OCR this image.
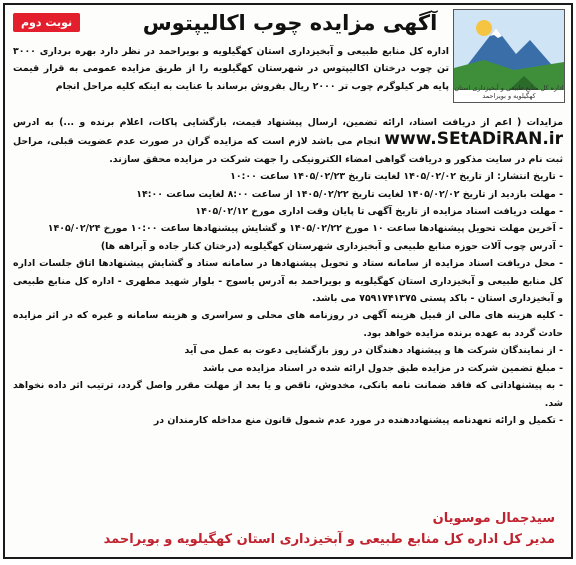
اداره کل منابع طبیعی و آبخیزداری استان کهگیلویه و بویراحمد
آگهی مزایده چوب اکالیپتوس
نوبت دوم
اداره کل منابع طبیعی و آبخیزداری استان کهگیلویه و بویراحمد در نظر دارد بهره برداری ۳۰۰۰ تن چوب درختان اکالیپتوس در شهرستان کهگیلویه را از طریق مزایده عمومی به قرار قیمت پایه هر کیلوگرم چوب تر ۲۰۰۰ ریال بفروش برساند با عنایت به اینکه کلیه مراحل انجام
مزایدات ( اعم از دریافت اسناد، ارائه تضمین، ارسال پیشنهاد قیمت، بازگشایی پاکات، اعلام برنده و ...) به ادرس www.SEtADiRAN.ir انجام می باشد لازم است که مزایده گران در صورت عدم عضویت قبلی، مراحل ثبت نام در سایت مذکور و دریافت گواهی امضاء الکترونیکی را جهت شرکت در مزایده محقق سازند.
- تاریخ انتشار: از تاریخ ۱۴۰۵/۰۲/۰۲ لغایت تاریخ ۱۴۰۵/۰۲/۲۳ ساعت ۱۰:۰۰
- مهلت بازدید از تاریخ ۱۴۰۵/۰۲/۰۲ لغایت تاریخ ۱۴۰۵/۰۲/۲۲ از ساعت ۸:۰۰ لغایت ساعت ۱۴:۰۰
- مهلت دریافت اسناد مزایده از تاریخ آگهی تا پایان وقت اداری مورخ ۱۴۰۵/۰۲/۱۲
- آخرین مهلت تحویل پیشنهادها ساعت ۱۰ مورخ ۱۴۰۵/۰۲/۲۲ و گشایش پیشنهادها ساعت ۱۰:۰۰ مورخ ۱۴۰۵/۰۲/۲۴
- آدرس چوب آلات حوزه منابع طبیعی و آبخیزداری شهرستان کهگیلویه (درختان کنار جاده و آبراهه ها)
- محل دریافت اسناد مزایده از سامانه ستاد و تحویل پیشنهادها در سامانه ستاد و گشایش پیشنهادها اتاق جلسات اداره کل منابع طبیعی و آبخیزداری استان کهگیلویه و بویراحمد به آدرس یاسوج - بلوار شهید مطهری - اداره کل منابع طبیعی و آبخیزداری استان - باکد پستی ۷۵۹۱۷۴۱۳۷۵ می باشد.
- کلیه هزینه های مالی از قبیل هزینه آگهی در روزنامه های محلی و سراسری و هزینه سامانه و غیره که در اثر مزایده حادث گردد به عهده برنده مزایده خواهد بود.
- از نمایندگان شرکت ها و پیشنهاد دهندگان در روز بازگشایی دعوت به عمل می آید
- مبلغ تضمین شرکت در مزایده طبق جدول ارائه شده در اسناد مزایده می باشد
- به پیشنهاداتی که فاقد ضمانت نامه بانکی، مخدوش، ناقص و یا بعد از مهلت مقرر واصل گردد، ترتیب اثر داده نخواهد شد.
- تکمیل و ارائه تعهدنامه پیشنهاددهنده در مورد عدم شمول قانون منع مداخله کارمندان در
سیدجمال موسویان
مدیر کل اداره کل منابع طبیعی و آبخیزداری استان کهگیلویه و بویراحمد
